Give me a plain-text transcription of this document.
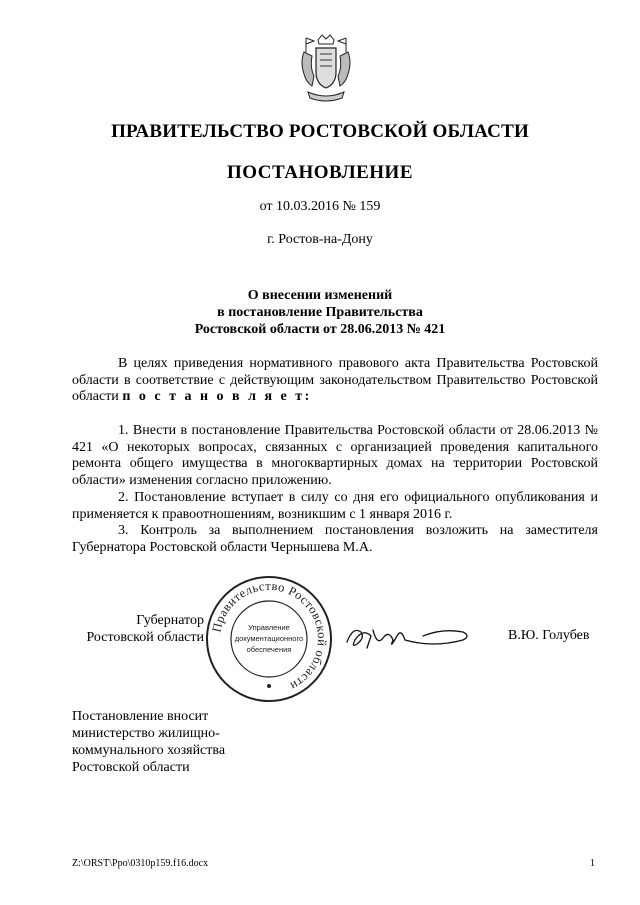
ПРАВИТЕЛЬСТВО РОСТОВСКОЙ ОБЛАСТИ
ПОСТАНОВЛЕНИЕ
от 10.03.2016 № 159
г. Ростов-на-Дону
О внесении изменений
в постановление Правительства
Ростовской области от 28.06.2013 № 421
В целях приведения нормативного правового акта Правительства Ростовской области в соответствие с действующим законодательством Правительство Ростовской области п о с т а н о в л я е т:
1. Внести в постановление Правительства Ростовской области от 28.06.2013 № 421 «О некоторых вопросах, связанных с организацией проведения капитального ремонта общего имущества в многоквартирных домах на территории Ростовской области» изменения согласно приложению.
2. Постановление вступает в силу со дня его официального опубликования и применяется к правоотношениям, возникшим с 1 января 2016 г.
3. Контроль за выполнением постановления возложить на заместителя Губернатора Ростовской области Чернышева М.А.
Губернатор
Ростовской области
Правительство Ростовской области
Управление
документационного
обеспечения
В.Ю. Голубев
Постановление вносит
министерство жилищно-
коммунального хозяйства
Ростовской области
Z:\ORST\Ppo\0310p159.f16.docx	1
